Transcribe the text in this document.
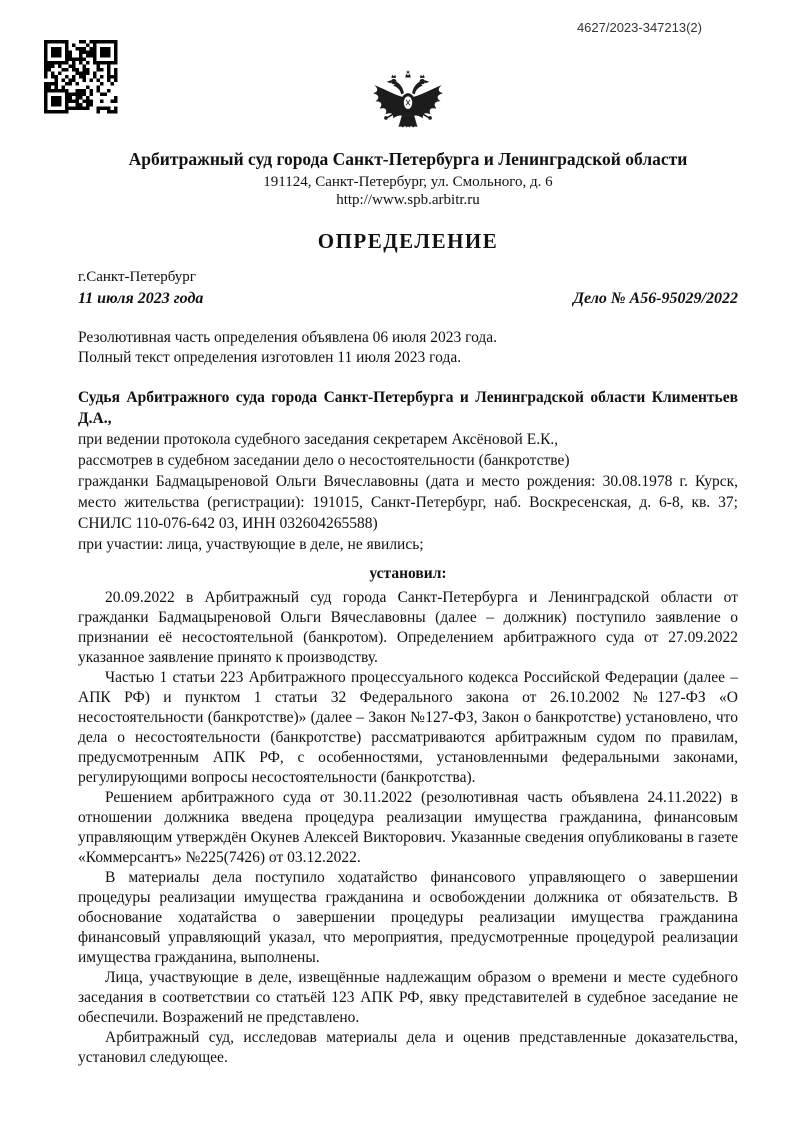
4627/2023-347213(2)
Арбитражный суд города Санкт-Петербурга и Ленинградской области
191124, Санкт-Петербург, ул. Смольного, д. 6
http://www.spb.arbitr.ru
ОПРЕДЕЛЕНИЕ
г.Санкт-Петербург
11 июля 2023 года	Дело № А56-95029/2022
Резолютивная часть определения объявлена 06 июля 2023 года.
Полный текст определения изготовлен 11 июля 2023 года.
Судья Арбитражного суда города Санкт-Петербурга и Ленинградской области Климентьев Д.А.,
при ведении протокола судебного заседания секретарем Аксёновой Е.К.,
рассмотрев в судебном заседании дело о несостоятельности (банкротстве)
гражданки Бадмацыреновой Ольги Вячеславовны (дата и место рождения: 30.08.1978 г. Курск, место жительства (регистрации): 191015, Санкт-Петербург, наб. Воскресенская, д. 6-8, кв. 37; СНИЛС 110-076-642 03, ИНН 032604265588)
при участии: лица, участвующие в деле, не явились;
установил:

20.09.2022 в Арбитражный суд города Санкт-Петербурга и Ленинградской области от гражданки Бадмацыреновой Ольги Вячеславовны (далее – должник) поступило заявление о признании её несостоятельной (банкротом). Определением арбитражного суда от 27.09.2022 указанное заявление принято к производству.

Частью 1 статьи 223 Арбитражного процессуального кодекса Российской Федерации (далее – АПК РФ) и пунктом 1 статьи 32 Федерального закона от 26.10.2002 №127-ФЗ «О несостоятельности (банкротстве)» (далее – Закон №127-ФЗ, Закон о банкротстве) установлено, что дела о несостоятельности (банкротстве) рассматриваются арбитражным судом по правилам, предусмотренным АПК РФ, с особенностями, установленными федеральными законами, регулирующими вопросы несостоятельности (банкротства).

Решением арбитражного суда от 30.11.2022 (резолютивная часть объявлена 24.11.2022) в отношении должника введена процедура реализации имущества гражданина, финансовым управляющим утверждён Окунев Алексей Викторович. Указанные сведения опубликованы в газете «Коммерсантъ» №225(7426) от 03.12.2022.

В материалы дела поступило ходатайство финансового управляющего о завершении процедуры реализации имущества гражданина и освобождении должника от обязательств. В обоснование ходатайства о завершении процедуры реализации имущества гражданина финансовый управляющий указал, что мероприятия, предусмотренные процедурой реализации имущества гражданина, выполнены.

Лица, участвующие в деле, извещённые надлежащим образом о времени и месте судебного заседания в соответствии со статьёй 123 АПК РФ, явку представителей в судебное заседание не обеспечили. Возражений не представлено.

Арбитражный суд, исследовав материалы дела и оценив представленные доказательства, установил следующее.
